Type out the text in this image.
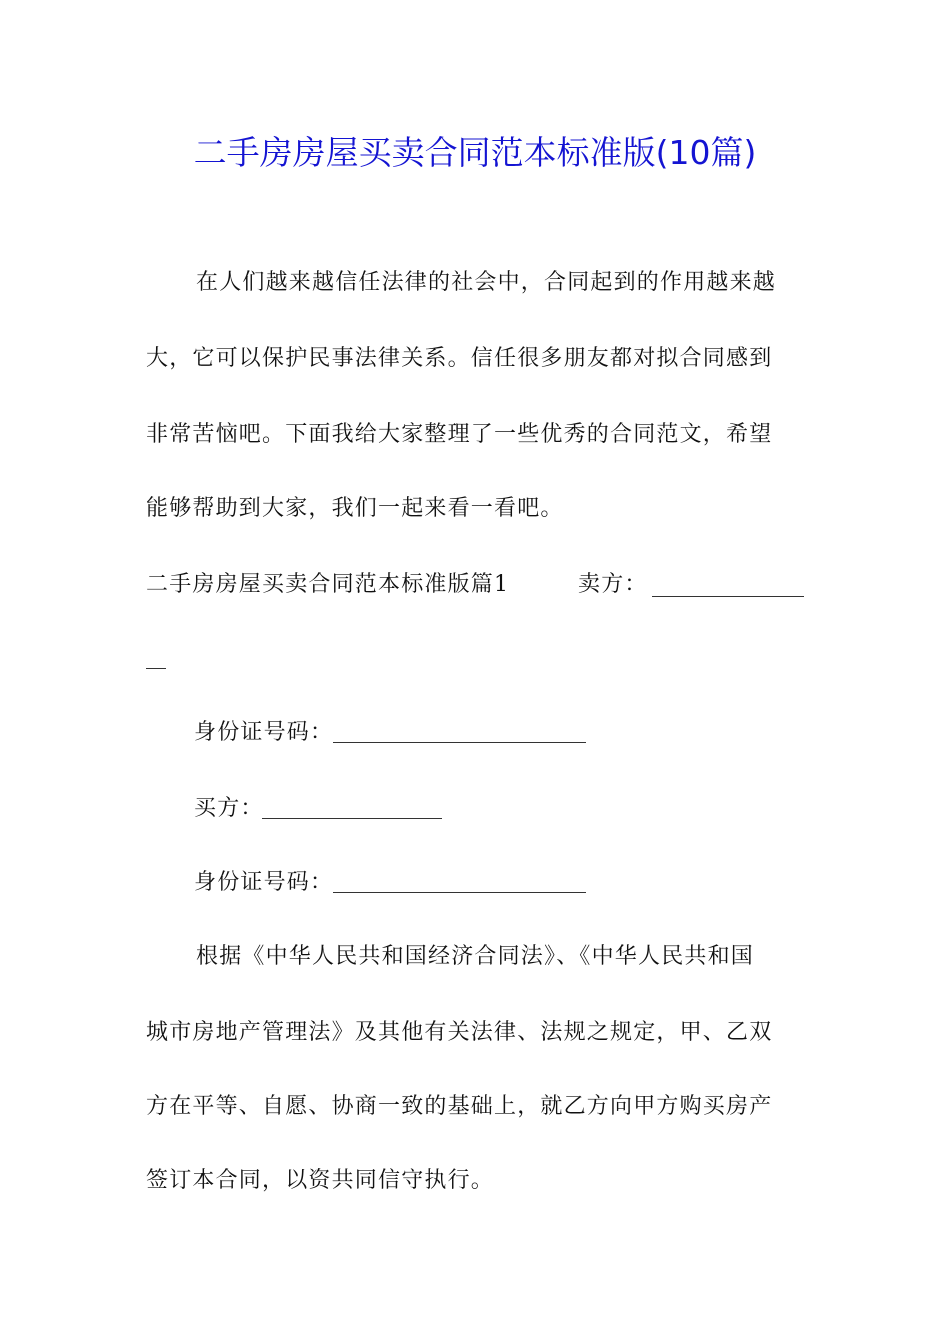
二手房房屋买卖合同范本标准版(10篇)
在人们越来越信任法律的社会中，合同起到的作用越来越
大，它可以保护民事法律关系。信任很多朋友都对拟合同感到
非常苦恼吧。下面我给大家整理了一些优秀的合同范文，希望
能够帮助到大家，我们一起来看一看吧。
二手房房屋买卖合同范本标准版篇1	卖方：
身份证号码：
买方：
身份证号码：
根据《中华人民共和国经济合同法》、《中华人民共和国
城市房地产管理法》及其他有关法律、法规之规定，甲、乙双
方在平等、自愿、协商一致的基础上，就乙方向甲方购买房产
签订本合同，以资共同信守执行。
